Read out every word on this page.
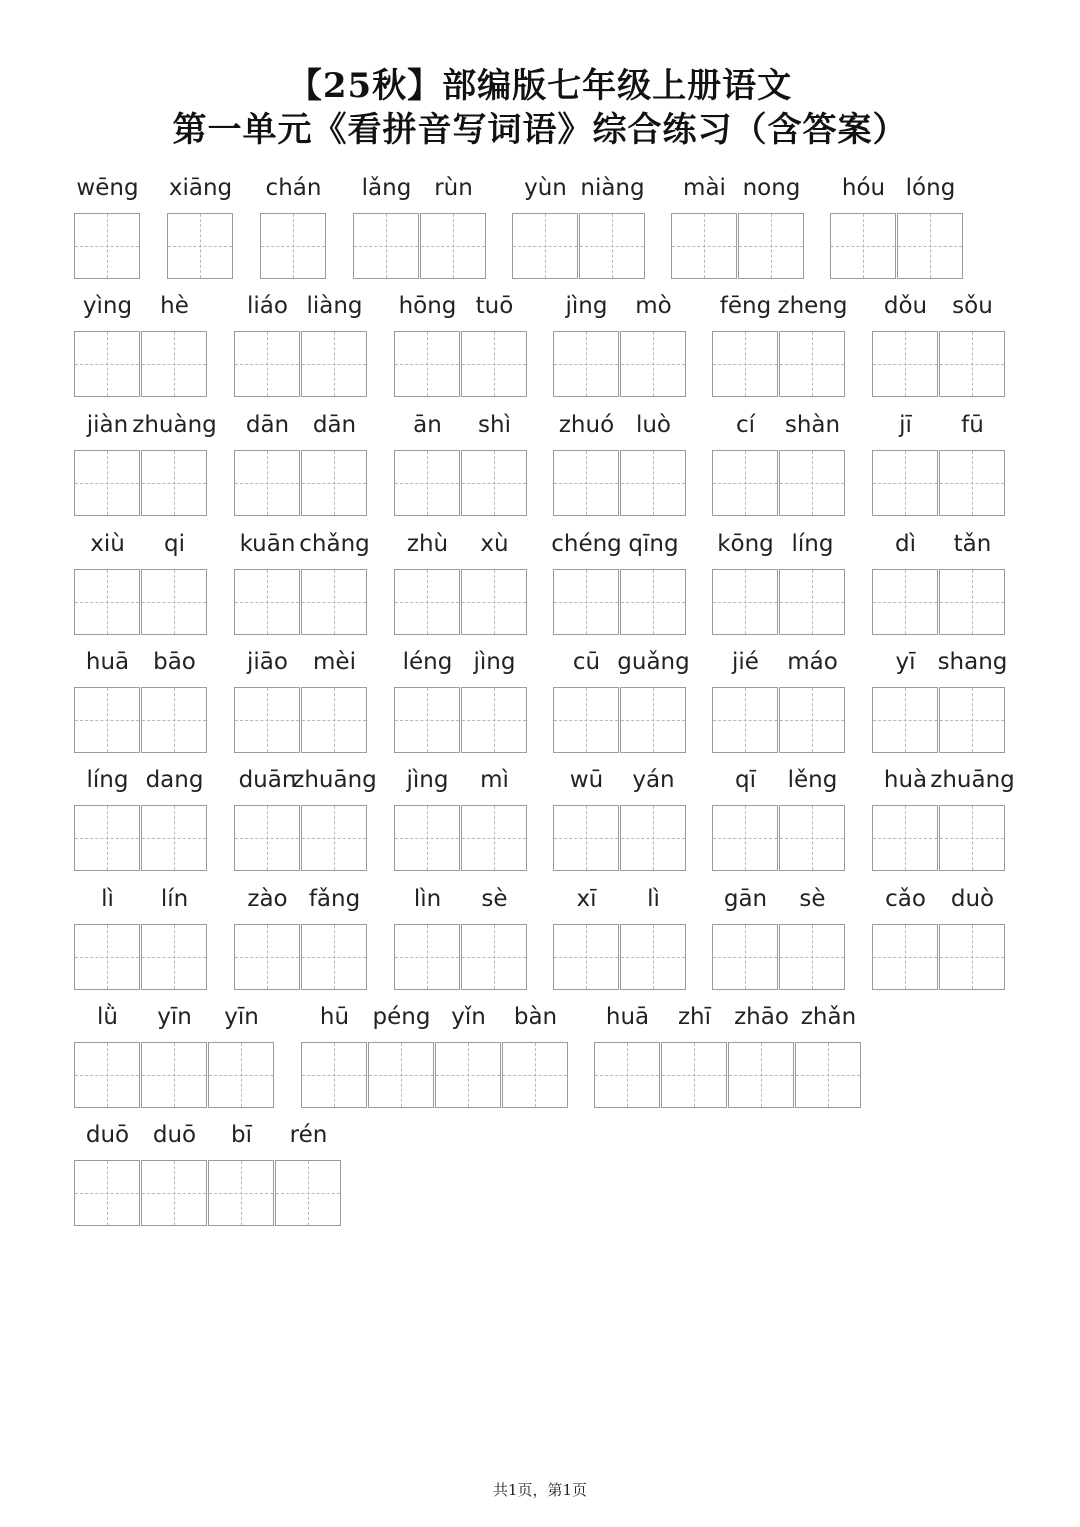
【25秋】部编版七年级上册语文
第一单元《看拼音写词语》综合练习（含答案）
wēng	xiāng	chán	lǎng rùn	yùn niàng	mài nong	hóu lóng
yìng	hè	liáo liàng	hōng tuō	jìng	mò	fēng zheng	dǒu	sǒu
jiàn zhuàng	dān	dān	ān	shì	zhuó luò	cí	shàn	jī	fū
xiù	qi	kuān chǎng	zhù	xù	chéng qīng	kōng líng	dì	tǎn
huā	bāo	jiāo	mèi	léng jìng	cū guǎng	jié	máo	yī shang
líng dang	duān
zhuāng	jìng	mì	wū	yán	qī	lěng	huà zhuāng
lì	lín	zào fǎng	lìn	sè	xī	lì	gān	sè	cǎo	duò
lǜ	yīn	yīn	hū	péng yǐn	bàn	huā	zhī	zhāo zhǎn
duō	duō	bī	rén
共1页，第1页
